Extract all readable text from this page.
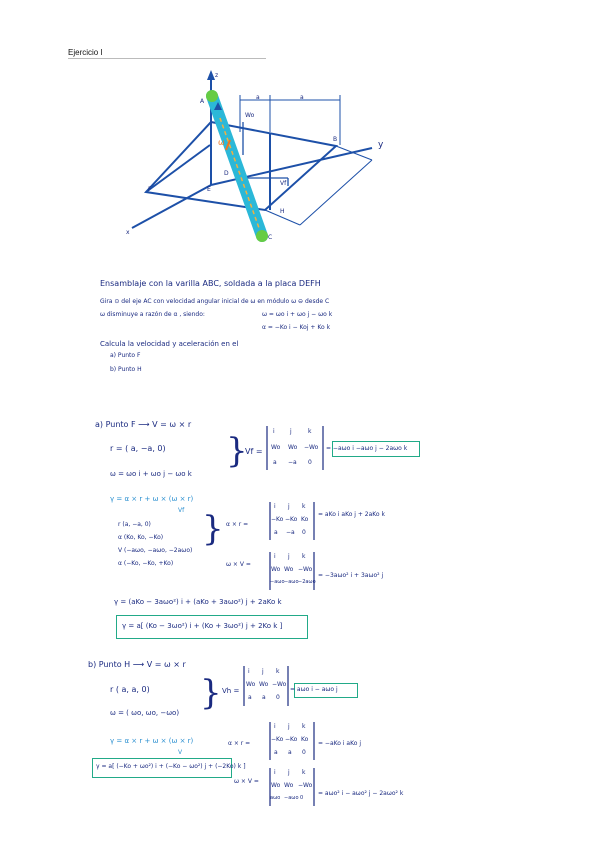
Ejercicio I
z
y
x
Wo
Vf
a	a
F
B
H
D
E
A
C
ω
Ensamblaje con la varilla ABC, soldada a la placa DEFH
Gira ⊙ del eje AC con velocidad angular inicial de ω en módulo ω ⊖ desde C
ω disminuye a razón de α , siendo:	ω = ωo i + ωo j − ωo k
α = −Ko i − Koj + Ko k
Calcula la velocidad y aceleración en el
a) Punto F
b) Punto H
a) Punto F ⟶ V = ω × r
r = ( a, −a, 0)
ω = ωo i + ωo j − ωo k
}
Vf =
i	j	k
Wo Wo −Wo
a −a 0
= −aωo i −aωo j − 2aωo k
γ = α × r + ω × (ω × r)
Vf
r (a, −a, 0)
α (Ko, Ko, −Ko)
V (−aωo, −aωo, −2aωo)
α (−Ko, −Ko, +Ko)
} α × r =
i j k
−Ko −Ko Ko
a −a 0
= aKo i aKo j + 2aKo k
ω × V =
i j k
Wo Wo −Wo
−aωo −aωo −2aωo
= −3aωo² i + 3aωo² j
γ = (aKo − 3aωo²) i + (aKo + 3aωo²) j + 2aKo k
γ = a[ (Ko − 3ωo²) i + (Ko + 3ωo²) j + 2Ko k ]
b) Punto H ⟶ V = ω × r
r ( a, a, 0)
ω = ( ωo, ωo, −ωo) } Vh =
i j k
Wo Wo −Wo
a a 0
= aωo i − aωo j
γ = α × r + ω × (ω × r)
V
α × r =
i j k
−Ko −Ko Ko
a a 0
= −aKo i aKo j
γ = a[ (−Ko + ωo²) i + (−Ko − ωo²) j + (−2Ko) k ]
ω × V =
i j k
Wo Wo −Wo
aωo −aωo 0
= aωo² i − aωo² j − 2aωo² k
